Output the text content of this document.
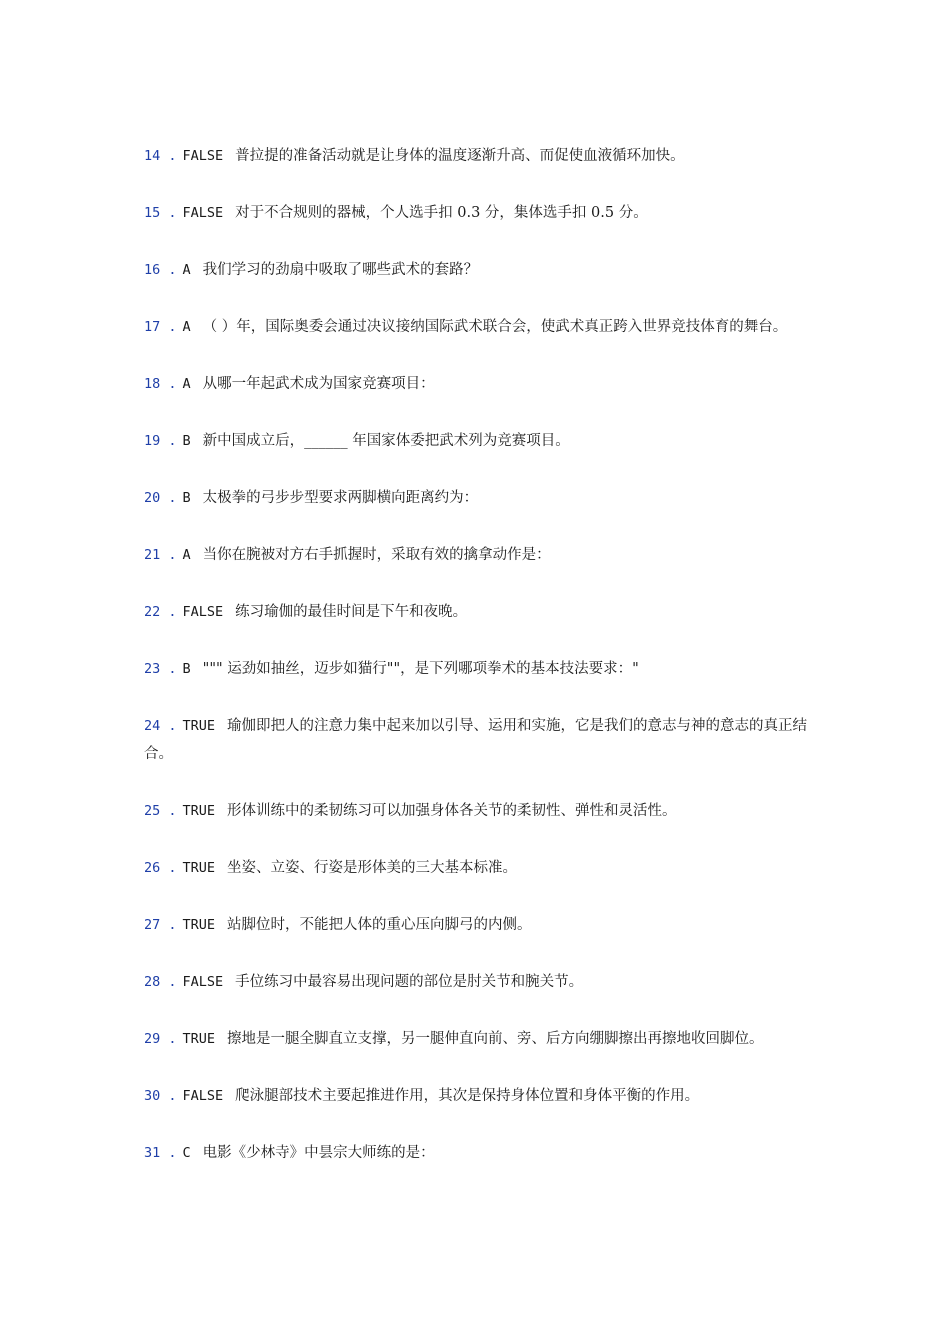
14 . FALSE 普拉提的准备活动就是让身体的温度逐渐升高、而促使血液循环加快。
15 . FALSE 对于不合规则的器械，个人选手扣 0.3 分，集体选手扣 0.5 分。
16 . A 我们学习的劲扇中吸取了哪些武术的套路？
17 . A （ ）年，国际奥委会通过决议接纳国际武术联合会，使武术真正跨入世界竞技体育的舞台。
18 . A 从哪一年起武术成为国家竞赛项目：
19 . B 新中国成立后，______ 年国家体委把武术列为竞赛项目。
20 . B 太极拳的弓步步型要求两脚横向距离约为：
21 . A 当你在腕被对方右手抓握时，采取有效的擒拿动作是：
22 . FALSE 练习瑜伽的最佳时间是下午和夜晚。
23 . B """ 运劲如抽丝，迈步如猫行""，是下列哪项拳术的基本技法要求："
24 . TRUE 瑜伽即把人的注意力集中起来加以引导、运用和实施，它是我们的意志与神的意志的真正结合。
25 . TRUE 形体训练中的柔韧练习可以加强身体各关节的柔韧性、弹性和灵活性。
26 . TRUE 坐姿、立姿、行姿是形体美的三大基本标准。
27 . TRUE 站脚位时，不能把人体的重心压向脚弓的内侧。
28 . FALSE 手位练习中最容易出现问题的部位是肘关节和腕关节。
29 . TRUE 擦地是一腿全脚直立支撑，另一腿伸直向前、旁、后方向绷脚擦出再擦地收回脚位。
30 . FALSE 爬泳腿部技术主要起推进作用，其次是保持身体位置和身体平衡的作用。
31 . C 电影《少林寺》中昙宗大师练的是：
